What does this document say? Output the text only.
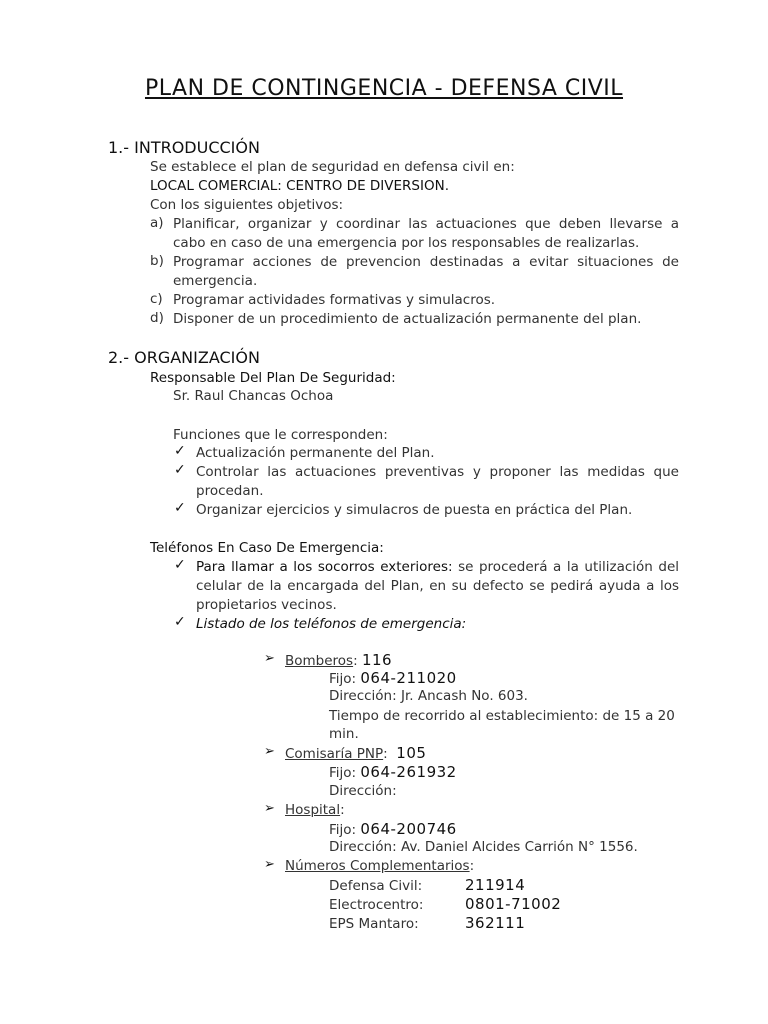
PLAN DE CONTINGENCIA - DEFENSA CIVIL
1.- INTRODUCCIÓN
Se establece el plan de seguridad en defensa civil en:
LOCAL COMERCIAL: CENTRO DE DIVERSION.
Con los siguientes objetivos:
a) Planificar, organizar y coordinar las actuaciones que deben llevarse a cabo en caso de una emergencia por los responsables de realizarlas.
b) Programar acciones de prevencion destinadas a evitar situaciones de emergencia.
c) Programar actividades formativas y simulacros.
d) Disponer de un procedimiento de actualización permanente del plan.
2.- ORGANIZACIÓN
Responsable Del Plan De Seguridad:
Sr. Raul Chancas Ochoa
Funciones que le corresponden:
✓ Actualización permanente del Plan.
✓ Controlar las actuaciones preventivas y proponer las medidas que procedan.
✓ Organizar ejercicios y simulacros de puesta en práctica del Plan.
Teléfonos En Caso De Emergencia:
✓ Para llamar a los socorros exteriores: se procederá a la utilización del celular de la encargada del Plan, en su defecto se pedirá ayuda a los propietarios vecinos.
✓ Listado de los teléfonos de emergencia:
➢ Bomberos: 116
Fijo: 064-211020
Dirección: Jr. Ancash No. 603.
Tiempo de recorrido al establecimiento: de 15 a 20
min.
➢ Comisaría PNP:  105
Fijo: 064-261932
Dirección:
➢ Hospital:
Fijo: 064-200746
Dirección: Av. Daniel Alcides Carrión N° 1556.
➢ Números Complementarios:
Defensa Civil:	211914
Electrocentro:	0801-71002
EPS Mantaro:	362111
